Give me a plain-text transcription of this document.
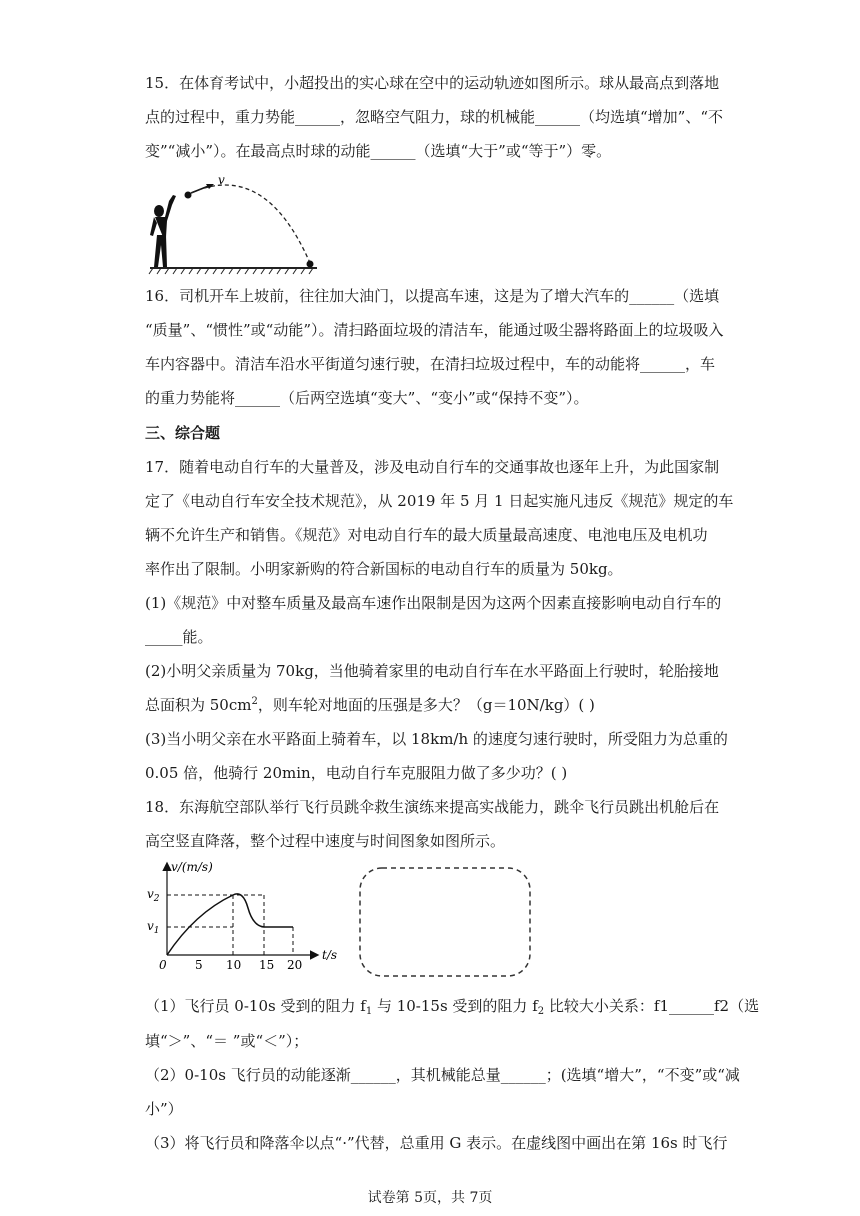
15．在体育考试中，小超投出的实心球在空中的运动轨迹如图所示。球从最高点到落地
点的过程中，重力势能______，忽略空气阻力，球的机械能______（均选填“增加”、“不
变”“减小”）。在最高点时球的动能______（选填“大于”或“等于”）零。
v
16．司机开车上坡前，往往加大油门，以提高车速，这是为了增大汽车的______（选填
“质量”、“惯性”或“动能”）。清扫路面垃圾的清洁车，能通过吸尘器将路面上的垃圾吸入
车内容器中。清洁车沿水平街道匀速行驶，在清扫垃圾过程中，车的动能将______，车
的重力势能将______（后两空选填“变大”、“变小”或“保持不变”）。
三、综合题
17．随着电动自行车的大量普及，涉及电动自行车的交通事故也逐年上升，为此国家制
定了《电动自行车安全技术规范》，从 2019 年 5 月 1 日起实施凡违反《规范》规定的车
辆不允许生产和销售。《规范》对电动自行车的最大质量最高速度、电池电压及电机功
率作出了限制。小明家新购的符合新国标的电动自行车的质量为 50kg。
(1)《规范》中对整车质量及最高车速作出限制是因为这两个因素直接影响电动自行车的
_____能。
(2)小明父亲质量为 70kg，当他骑着家里的电动自行车在水平路面上行驶时，轮胎接地
总面积为 $50cm^2$，则车轮对地面的压强是多大？（g＝10N/kg）( )
(3)当小明父亲在水平路面上骑着车，以 18km/h 的速度匀速行驶时，所受阻力为总重的
0.05 倍，他骑行 20min，电动自行车克服阻力做了多少功？( )
18．东海航空部队举行飞行员跳伞救生演练来提高实战能力，跳伞飞行员跳出机舱后在
高空竖直降落，整个过程中速度与时间图象如图所示。
v/(m/s)
t/s
0 5 10 15 20
$v_2$
$v_1$
（1）飞行员 0-10s 受到的阻力 $f_1$ 与 10-15s 受到的阻力 $f_2$ 比较大小关系：f1______f2（选
填“＞”、“＝ ”或“＜”）；
（2）0-10s 飞行员的动能逐渐______，其机械能总量______；(选填“增大”，“不变”或“减
小”）
（3）将飞行员和降落伞以点“·”代替，总重用 G 表示。在虚线图中画出在第 16s 时飞行
试卷第 5页，共 7页
